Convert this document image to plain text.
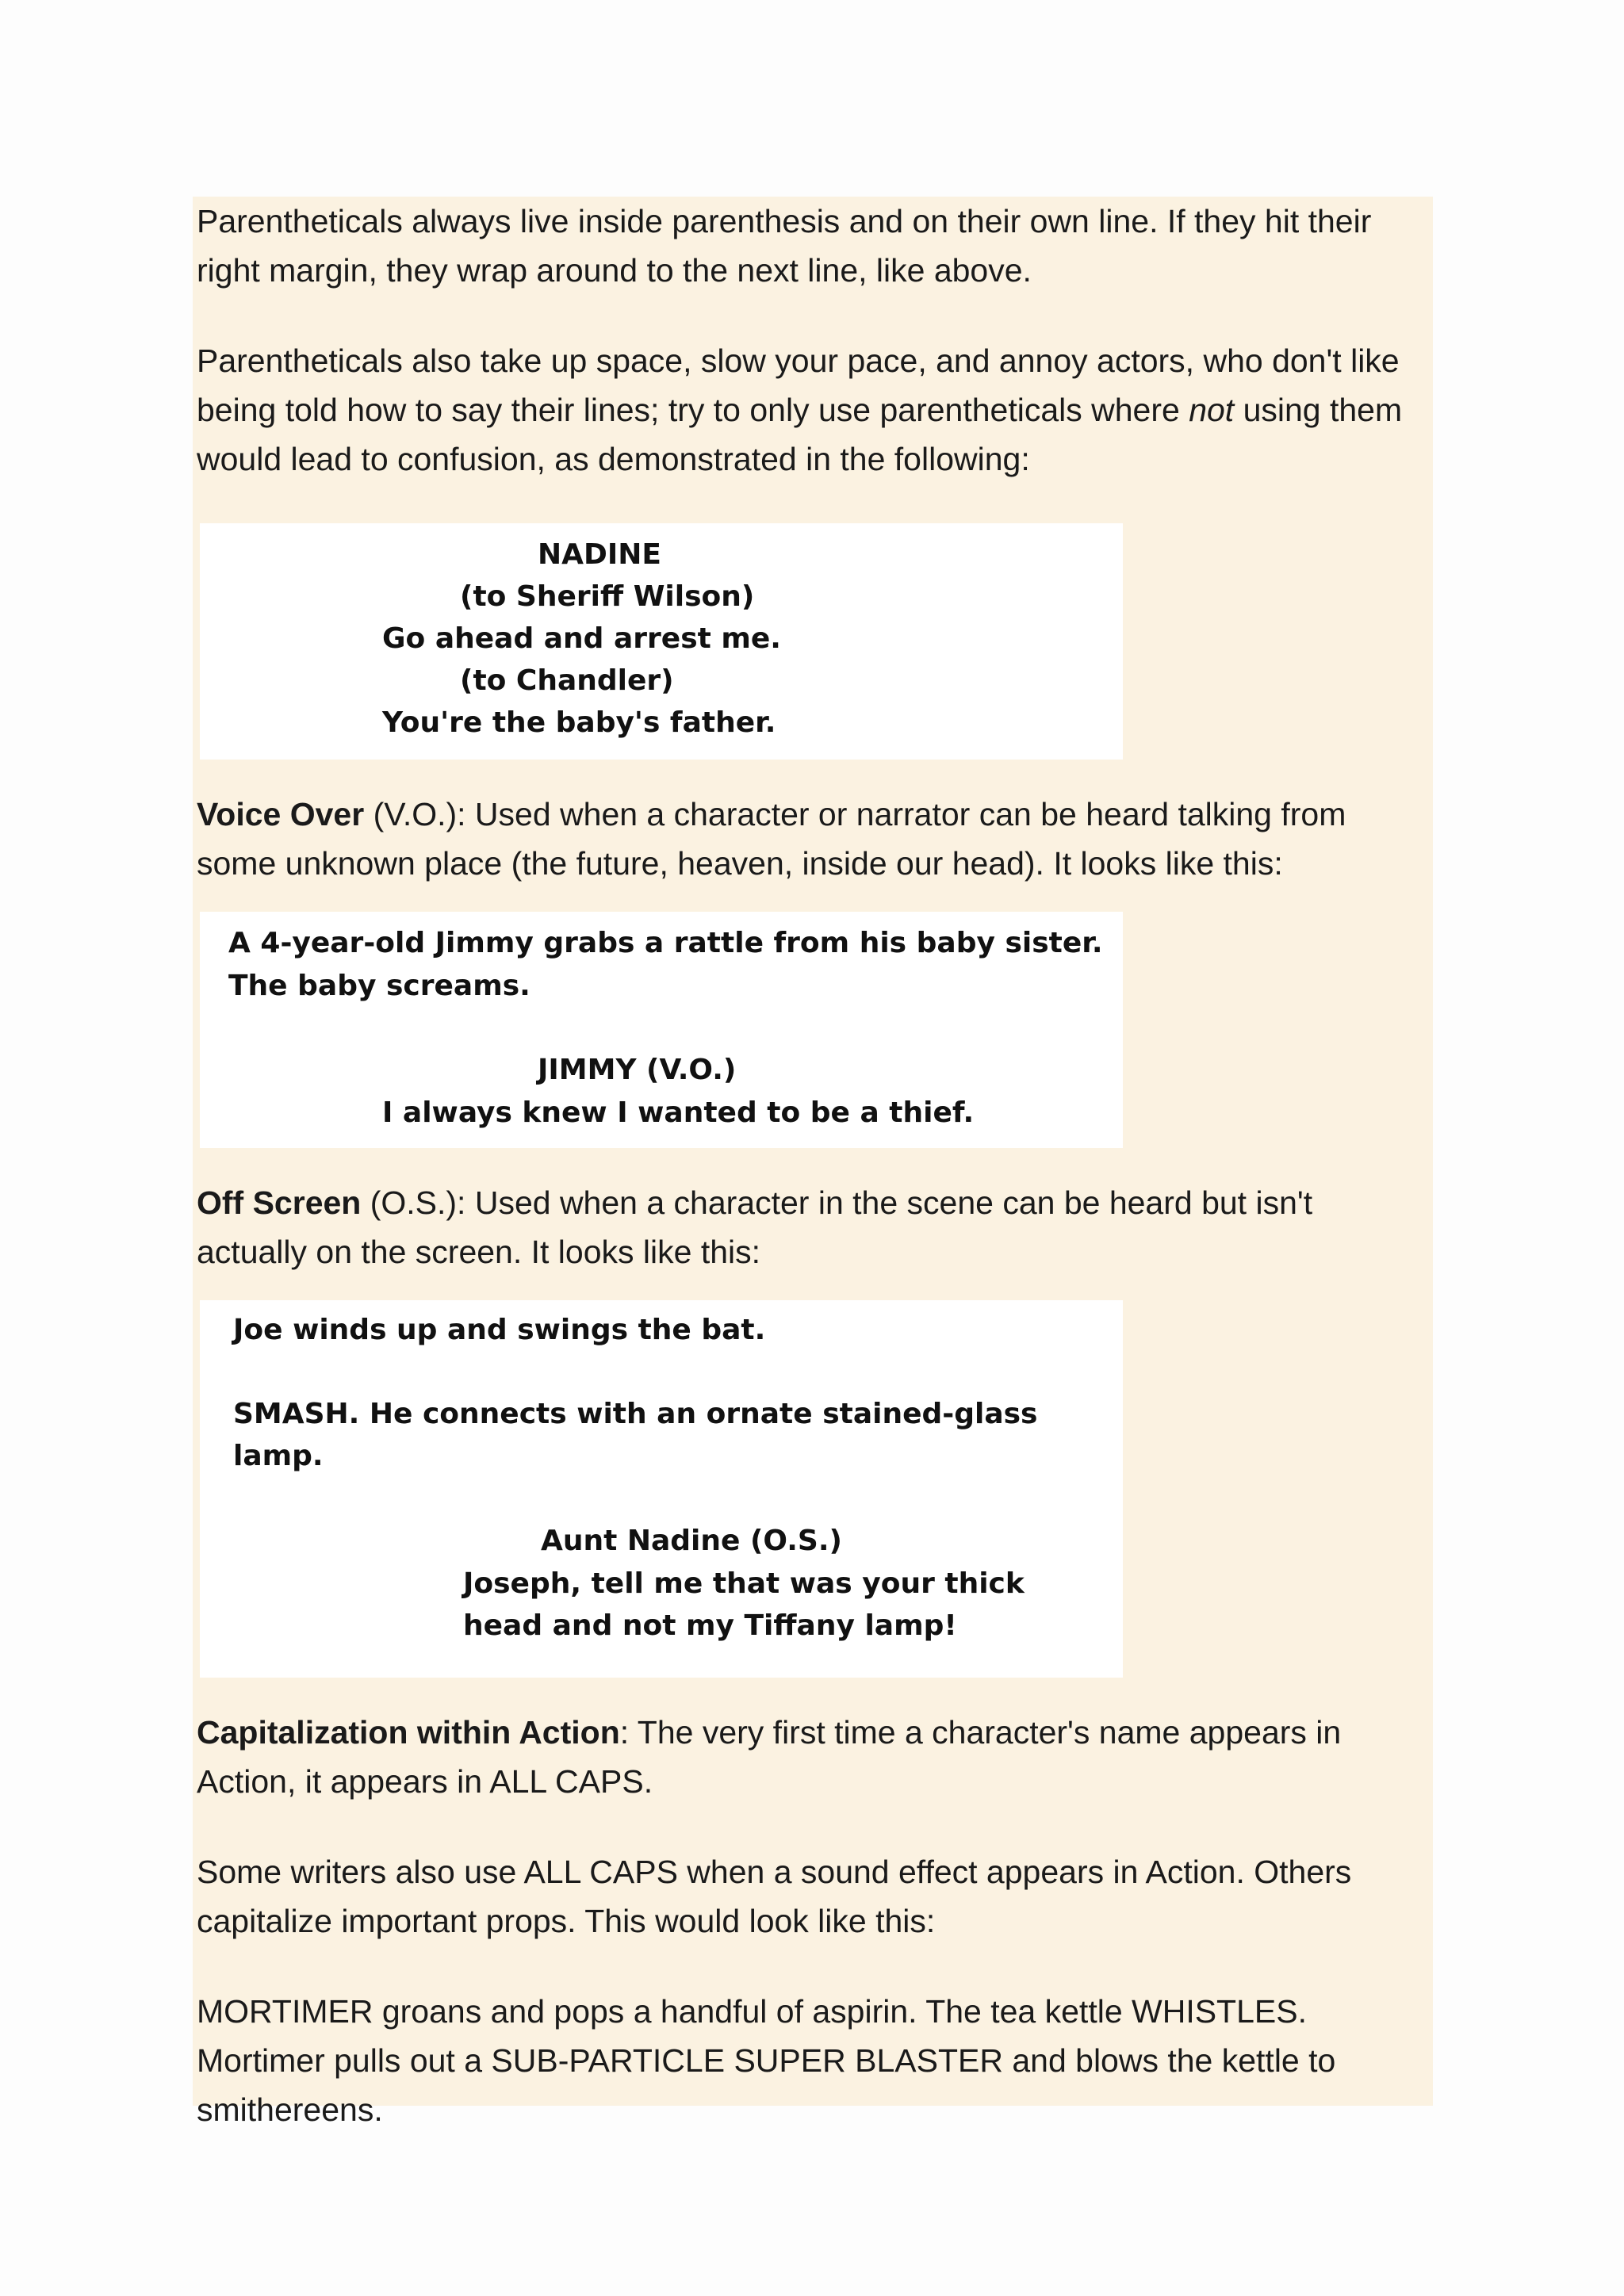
Parentheticals always live inside parenthesis and on their own line. If they hit their

right margin, they wrap around to the next line, like above.

Parentheticals also take up space, slow your pace, and annoy actors, who don't like

being told how to say their lines; try to only use parentheticals where not using them

would lead to confusion, as demonstrated in the following:

NADINE
(to Sheriff Wilson)
Go ahead and arrest me.
(to Chandler)
You're the baby's father.

Voice Over (V.O.): Used when a character or narrator can be heard talking from

some unknown place (the future, heaven, inside our head). It looks like this:

A 4-year-old Jimmy grabs a rattle from his baby sister.
The baby screams.
JIMMY (V.O.)
I always knew I wanted to be a thief.

Off Screen (O.S.): Used when a character in the scene can be heard but isn't

actually on the screen. It looks like this:

Joe winds up and swings the bat.
SMASH. He connects with an ornate stained-glass
lamp.
Aunt Nadine (O.S.)
Joseph, tell me that was your thick
head and not my Tiffany lamp!

Capitalization within Action: The very first time a character's name appears in

Action, it appears in ALL CAPS.

Some writers also use ALL CAPS when a sound effect appears in Action. Others

capitalize important props. This would look like this:

MORTIMER groans and pops a handful of aspirin. The tea kettle WHISTLES.

Mortimer pulls out a SUB-PARTICLE SUPER BLASTER and blows the kettle to

smithereens.
